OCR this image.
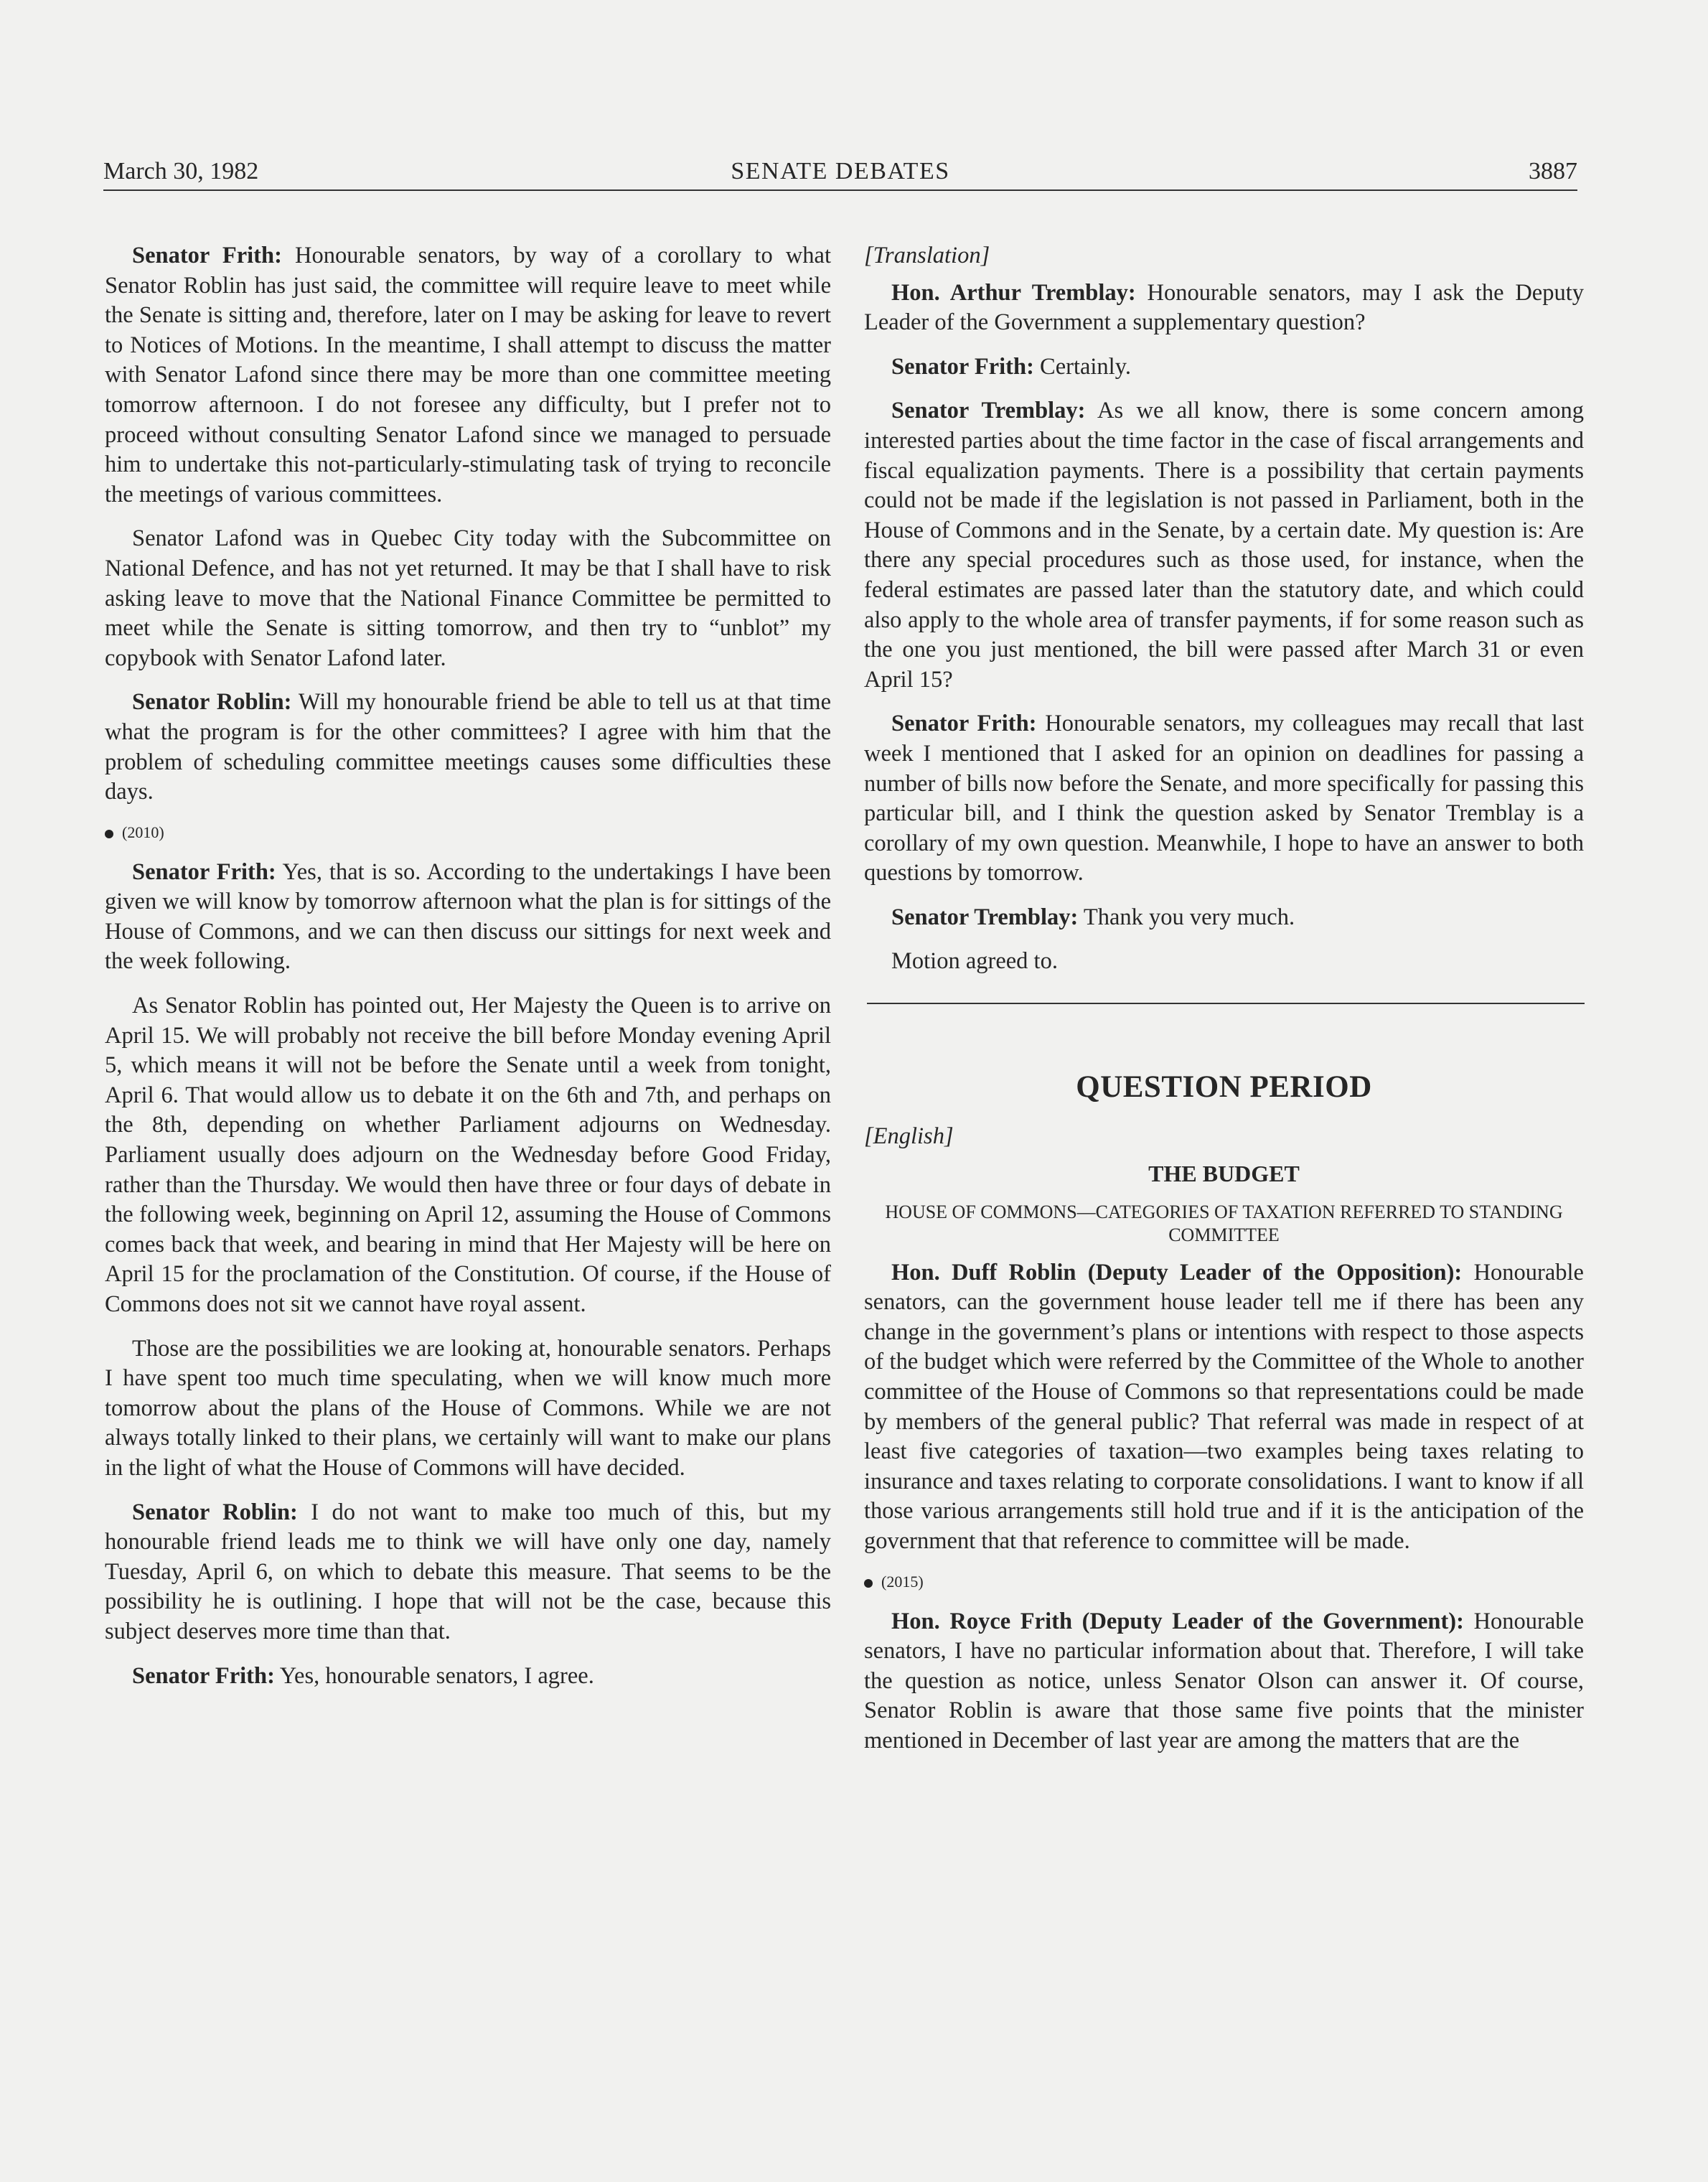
March 30, 1982	SENATE DEBATES	3887

Senator Frith: Honourable senators, by way of a corollary to what Senator Roblin has just said, the committee will require leave to meet while the Senate is sitting and, therefore, later on I may be asking for leave to revert to Notices of Motions. In the meantime, I shall attempt to discuss the matter with Senator Lafond since there may be more than one committee meeting tomorrow afternoon. I do not foresee any difficulty, but I prefer not to proceed without consulting Senator Lafond since we managed to persuade him to undertake this not-particularly-stimulating task of trying to reconcile the meetings of various committees.

Senator Lafond was in Quebec City today with the Subcommittee on National Defence, and has not yet returned. It may be that I shall have to risk asking leave to move that the National Finance Committee be permitted to meet while the Senate is sitting tomorrow, and then try to “unblot” my copybook with Senator Lafond later.

Senator Roblin: Will my honourable friend be able to tell us at that time what the program is for the other committees? I agree with him that the problem of scheduling committee meetings causes some difficulties these days.

(2010)

Senator Frith: Yes, that is so. According to the undertakings I have been given we will know by tomorrow afternoon what the plan is for sittings of the House of Commons, and we can then discuss our sittings for next week and the week following.

As Senator Roblin has pointed out, Her Majesty the Queen is to arrive on April 15. We will probably not receive the bill before Monday evening April 5, which means it will not be before the Senate until a week from tonight, April 6. That would allow us to debate it on the 6th and 7th, and perhaps on the 8th, depending on whether Parliament adjourns on Wednesday. Parliament usually does adjourn on the Wednesday before Good Friday, rather than the Thursday. We would then have three or four days of debate in the following week, beginning on April 12, assuming the House of Commons comes back that week, and bearing in mind that Her Majesty will be here on April 15 for the proclamation of the Constitution. Of course, if the House of Commons does not sit we cannot have royal assent.

Those are the possibilities we are looking at, honourable senators. Perhaps I have spent too much time speculating, when we will know much more tomorrow about the plans of the House of Commons. While we are not always totally linked to their plans, we certainly will want to make our plans in the light of what the House of Commons will have decided.

Senator Roblin: I do not want to make too much of this, but my honourable friend leads me to think we will have only one day, namely Tuesday, April 6, on which to debate this measure. That seems to be the possibility he is outlining. I hope that will not be the case, because this subject deserves more time than that.

Senator Frith: Yes, honourable senators, I agree.

[Translation]

Hon. Arthur Tremblay: Honourable senators, may I ask the Deputy Leader of the Government a supplementary question?

Senator Frith: Certainly.

Senator Tremblay: As we all know, there is some concern among interested parties about the time factor in the case of fiscal arrangements and fiscal equalization payments. There is a possibility that certain payments could not be made if the legislation is not passed in Parliament, both in the House of Commons and in the Senate, by a certain date. My question is: Are there any special procedures such as those used, for instance, when the federal estimates are passed later than the statutory date, and which could also apply to the whole area of transfer payments, if for some reason such as the one you just mentioned, the bill were passed after March 31 or even April 15?

Senator Frith: Honourable senators, my colleagues may recall that last week I mentioned that I asked for an opinion on deadlines for passing a number of bills now before the Senate, and more specifically for passing this particular bill, and I think the question asked by Senator Tremblay is a corollary of my own question. Meanwhile, I hope to have an answer to both questions by tomorrow.

Senator Tremblay: Thank you very much.

Motion agreed to.

QUESTION PERIOD
[English]
THE BUDGET
HOUSE OF COMMONS—CATEGORIES OF TAXATION REFERRED TO STANDING COMMITTEE

Hon. Duff Roblin (Deputy Leader of the Opposition): Honourable senators, can the government house leader tell me if there has been any change in the government’s plans or intentions with respect to those aspects of the budget which were referred by the Committee of the Whole to another committee of the House of Commons so that representations could be made by members of the general public? That referral was made in respect of at least five categories of taxation—two examples being taxes relating to insurance and taxes relating to corporate consolidations. I want to know if all those various arrangements still hold true and if it is the anticipation of the government that that reference to committee will be made.

(2015)

Hon. Royce Frith (Deputy Leader of the Government): Honourable senators, I have no particular information about that. Therefore, I will take the question as notice, unless Senator Olson can answer it. Of course, Senator Roblin is aware that those same five points that the minister mentioned in December of last year are among the matters that are the
